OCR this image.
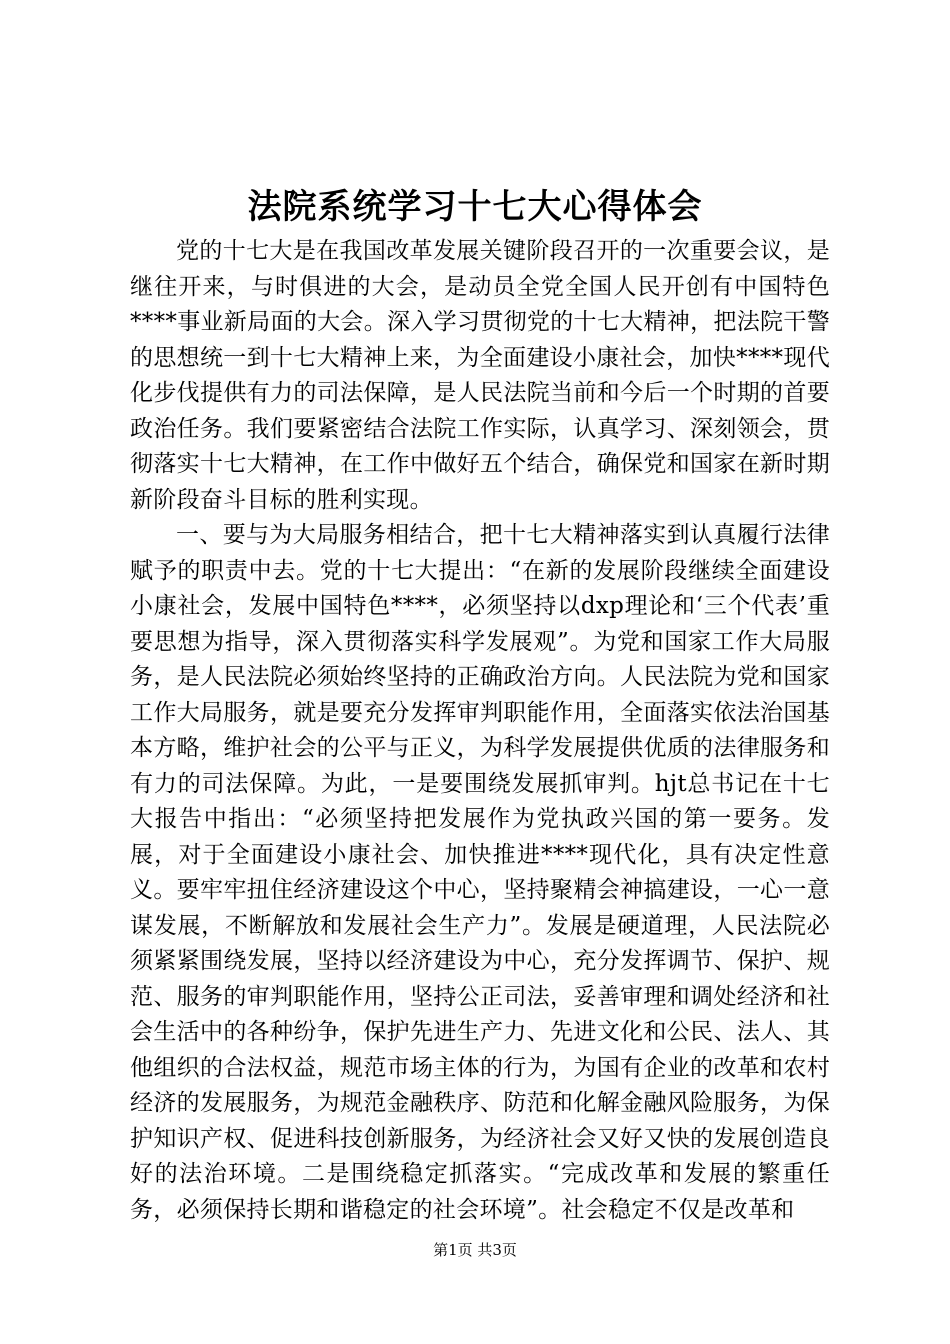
法院系统学习十七大心得体会

党的十七大是在我国改革发展关键阶段召开的一次重要会议，是继往开来，与时俱进的大会，是动员全党全国人民开创有中国特色****事业新局面的大会。深入学习贯彻党的十七大精神，把法院干警的思想统一到十七大精神上来，为全面建设小康社会，加快****现代化步伐提供有力的司法保障，是人民法院当前和今后一个时期的首要政治任务。我们要紧密结合法院工作实际，认真学习、深刻领会，贯彻落实十七大精神，在工作中做好五个结合，确保党和国家在新时期新阶段奋斗目标的胜利实现。

一、要与为大局服务相结合，把十七大精神落实到认真履行法律赋予的职责中去。党的十七大提出：“在新的发展阶段继续全面建设小康社会，发展中国特色****，必须坚持以dxp理论和‘三个代表’重要思想为指导，深入贯彻落实科学发展观”。为党和国家工作大局服务，是人民法院必须始终坚持的正确政治方向。人民法院为党和国家工作大局服务，就是要充分发挥审判职能作用，全面落实依法治国基本方略，维护社会的公平与正义，为科学发展提供优质的法律服务和有力的司法保障。为此，一是要围绕发展抓审判。hjt总书记在十七大报告中指出：“必须坚持把发展作为党执政兴国的第一要务。发展，对于全面建设小康社会、加快推进****现代化，具有决定性意义。要牢牢扭住经济建设这个中心，坚持聚精会神搞建设，一心一意谋发展，不断解放和发展社会生产力”。发展是硬道理，人民法院必须紧紧围绕发展，坚持以经济建设为中心，充分发挥调节、保护、规范、服务的审判职能作用，坚持公正司法，妥善审理和调处经济和社会生活中的各种纷争，保护先进生产力、先进文化和公民、法人、其他组织的合法权益，规范市场主体的行为，为国有企业的改革和农村经济的发展服务，为规范金融秩序、防范和化解金融风险服务，为保护知识产权、促进科技创新服务，为经济社会又好又快的发展创造良好的法治环境。二是围绕稳定抓落实。“完成改革和发展的繁重任务，必须保持长期和谐稳定的社会环境”。社会稳定不仅是改革和

第1页 共3页
